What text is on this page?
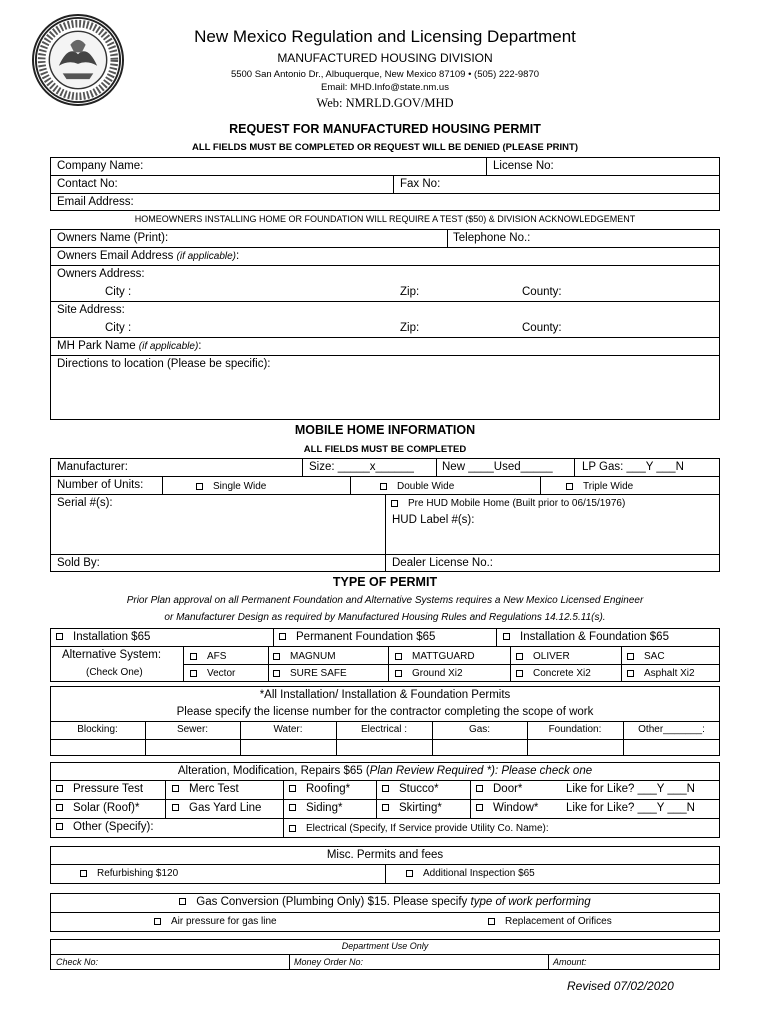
New Mexico Regulation and Licensing Department
MANUFACTURED HOUSING DIVISION
5500 San Antonio Dr., Albuquerque, New Mexico 87109 • (505) 222-9870
Email: MHD.Info@state.nm.us
Web: NMRLD.GOV/MHD
REQUEST FOR MANUFACTURED HOUSING PERMIT
ALL FIELDS MUST BE COMPLETED OR REQUEST WILL BE DENIED (PLEASE PRINT)
Company Name:	License No:
Contact No:	Fax No:
Email Address:
HOMEOWNERS INSTALLING HOME OR FOUNDATION WILL REQUIRE A TEST ($50) & DIVISION ACKNOWLEDGEMENT
Owners Name (Print):	Telephone No.:
Owners Email Address (if applicable):
Owners Address:
City :	Zip:	County:
Site Address:
City :	Zip:	County:
MH Park Name (if applicable):
Directions to location (Please be specific):
MOBILE HOME INFORMATION
ALL FIELDS MUST BE COMPLETED
Manufacturer:	Size: _____x______ New ____Used_____	LP Gas: ___Y ___N
Number of Units:	Single Wide	Double Wide	Triple Wide
Serial #(s):	Pre HUD Mobile Home (Built prior to 06/15/1976)
HUD Label #(s):
Sold By:	Dealer License No.:
TYPE OF PERMIT
Prior Plan approval on all Permanent Foundation and Alternative Systems requires a New Mexico Licensed Engineer
or Manufacturer Design as required by Manufactured Housing Rules and Regulations 14.12.5.11(s).
Installation $65	Permanent Foundation $65	Installation & Foundation $65
Alternative System:
(Check One)
AFS	MAGNUM	MATTGUARD	OLIVER	SAC
Vector	SURE SAFE	Ground Xi2	Concrete Xi2	Asphalt Xi2
*All Installation/ Installation & Foundation Permits
Please specify the license number for the contractor completing the scope of work
Blocking:	Sewer:	Water:	Electrical :	Gas:	Foundation:	Other_______:
Alteration, Modification, Repairs $65 (Plan Review Required *): Please check one
Pressure Test	Merc Test	Roofing*	Stucco*	Door*	Like for Like? ___Y ___N
Solar (Roof)*	Gas Yard Line	Siding*	Skirting*	Window* Like for Like? ___Y ___N
Other (Specify):	Electrical (Specify, If Service provide Utility Co. Name):
Misc. Permits and fees
Refurbishing $120	Additional Inspection $65
Gas Conversion (Plumbing Only) $15. Please specify type of work performing
Air pressure for gas line	Replacement of Orifices
Department Use Only
Check No:	Money Order No:	Amount:
Revised 07/02/2020
